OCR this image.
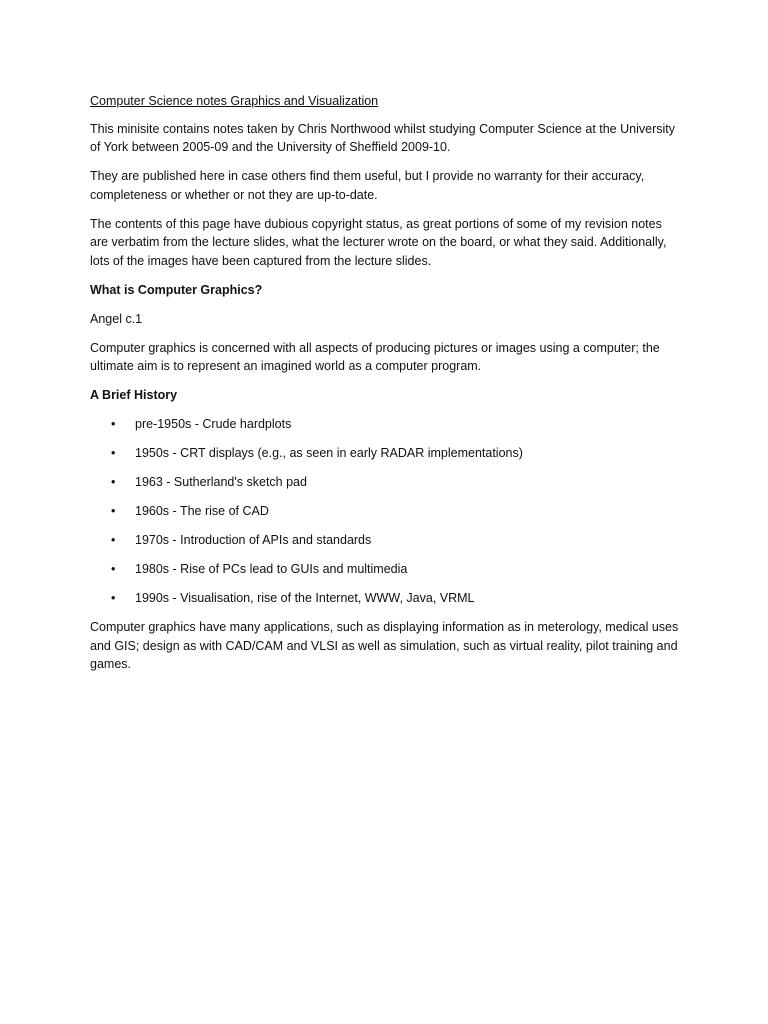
Computer Science notes Graphics and Visualization

This minisite contains notes taken by Chris Northwood whilst studying Computer Science at the University of York between 2005-09 and the University of Sheffield 2009-10.

They are published here in case others find them useful, but I provide no warranty for their accuracy, completeness or whether or not they are up-to-date.

The contents of this page have dubious copyright status, as great portions of some of my revision notes are verbatim from the lecture slides, what the lecturer wrote on the board, or what they said. Additionally, lots of the images have been captured from the lecture slides.

What is Computer Graphics?

Angel c.1

Computer graphics is concerned with all aspects of producing pictures or images using a computer; the ultimate aim is to represent an imagined world as a computer program.

A Brief History
• pre-1950s - Crude hardplots
• 1950s - CRT displays (e.g., as seen in early RADAR implementations)
• 1963 - Sutherland's sketch pad
• 1960s - The rise of CAD
• 1970s - Introduction of APIs and standards
• 1980s - Rise of PCs lead to GUIs and multimedia
• 1990s - Visualisation, rise of the Internet, WWW, Java, VRML

Computer graphics have many applications, such as displaying information as in meterology, medical uses and GIS; design as with CAD/CAM and VLSI as well as simulation, such as virtual reality, pilot training and games.
